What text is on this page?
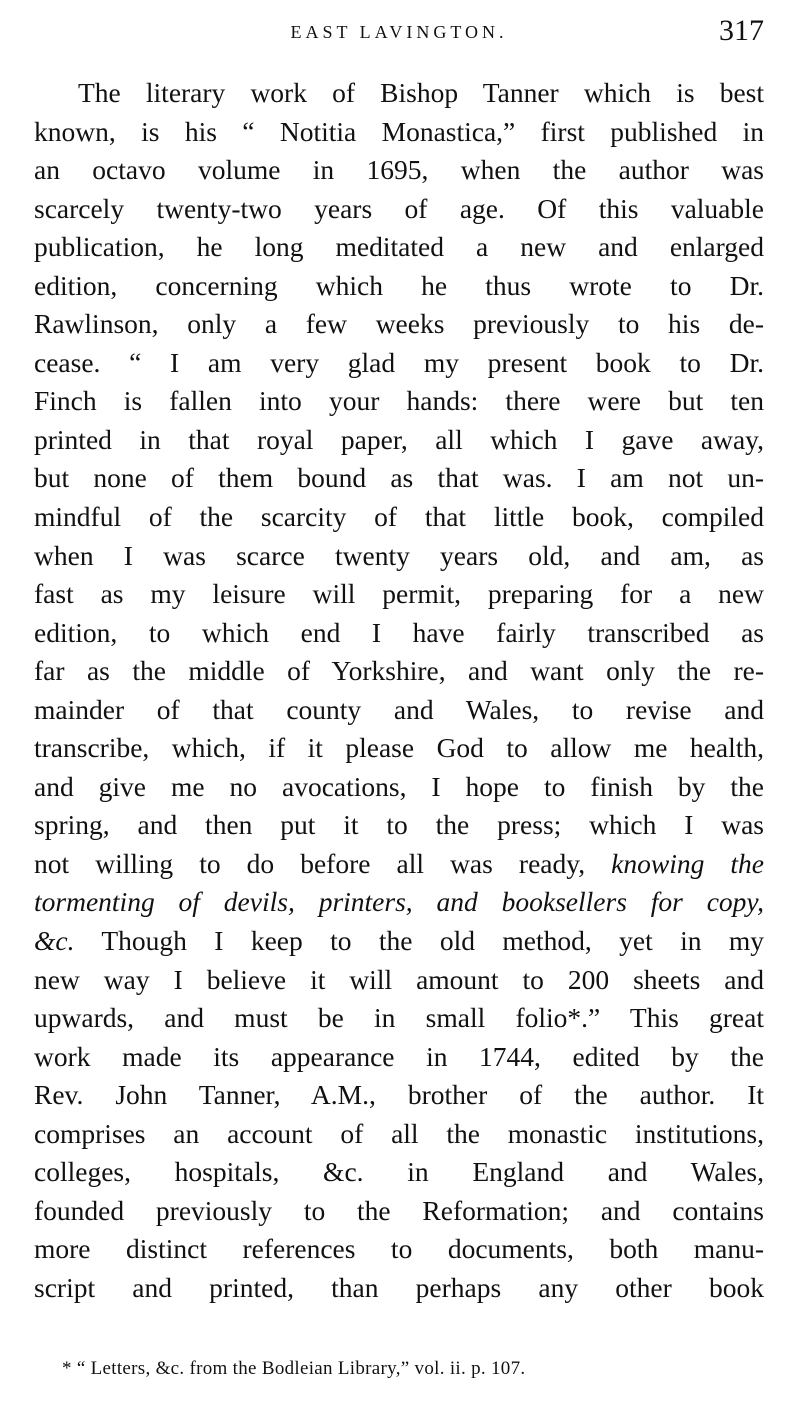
EAST LAVINGTON.	317
The literary work of Bishop Tanner which is best
known, is his “ Notitia Monastica,” first published in
an octavo volume in 1695, when the author was
scarcely twenty-two years of age. Of this valuable
publication, he long meditated a new and enlarged
edition, concerning which he thus wrote to Dr.
Rawlinson, only a few weeks previously to his de-
cease. “ I am very glad my present book to Dr.
Finch is fallen into your hands: there were but ten
printed in that royal paper, all which I gave away,
but none of them bound as that was. I am not un-
mindful of the scarcity of that little book, compiled
when I was scarce twenty years old, and am, as
fast as my leisure will permit, preparing for a new
edition, to which end I have fairly transcribed as
far as the middle of Yorkshire, and want only the re-
mainder of that county and Wales, to revise and
transcribe, which, if it please God to allow me health,
and give me no avocations, I hope to finish by the
spring, and then put it to the press; which I was
not willing to do before all was ready, knowing the
tormenting of devils, printers, and booksellers for copy,
&c. Though I keep to the old method, yet in my
new way I believe it will amount to 200 sheets and
upwards, and must be in small folio*.” This great
work made its appearance in 1744, edited by the
Rev. John Tanner, A.M., brother of the author. It
comprises an account of all the monastic institutions,
colleges, hospitals, &c. in England and Wales,
founded previously to the Reformation; and contains
more distinct references to documents, both manu-
script and printed, than perhaps any other book
* “ Letters, &c. from the Bodleian Library,” vol. ii. p. 107.
